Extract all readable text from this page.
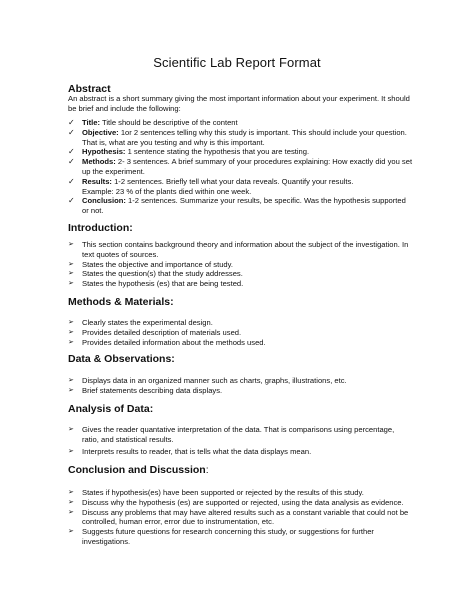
Scientific Lab Report Format
Abstract
An abstract is a short summary giving the most important information about your experiment. It should be brief and include the following:
✓ Title: Title should be descriptive of the content
✓ Objective: 1or 2 sentences telling why this study is important. This should include your question. That is, what are you testing and why is this important.
✓ Hypothesis: 1 sentence stating the hypothesis that you are testing.
✓ Methods: 2- 3 sentences. A brief summary of your procedures explaining: How exactly did you set up the experiment.
✓ Results: 1-2 sentences. Briefly tell what your data reveals. Quantify your results.
Example: 23 % of the plants died within one week.
✓ Conclusion: 1-2 sentences. Summarize your results, be specific. Was the hypothesis supported or not.
Introduction:
➢	This section contains background theory and information about the subject of the investigation. In text quotes of sources.
➢	States the objective and importance of study.
➢	States the question(s) that the study addresses.
➢	States the hypothesis (es) that are being tested.
Methods & Materials:
➢	Clearly states the experimental design.
➢	Provides detailed description of materials used.
➢	Provides detailed information about the methods used.
Data & Observations:
➢	Displays data in an organized manner such as charts, graphs, illustrations, etc.
➢	Brief statements describing data displays.
Analysis of Data:
➢	Gives the reader quantative interpretation of the data. That is comparisons using percentage, ratio, and statistical results.
➢	Interprets results to reader, that is tells what the data displays mean.
Conclusion and Discussion:
➢	States if hypothesis(es) have been supported or rejected by the results of this study.
➢	Discuss why the hypothesis (es) are supported or rejected, using the data analysis as evidence.
➢	Discuss any problems that may have altered results such as a constant variable that could not be controlled, human error, error due to instrumentation, etc.
➢	Suggests future questions for research concerning this study, or suggestions for further investigations.
